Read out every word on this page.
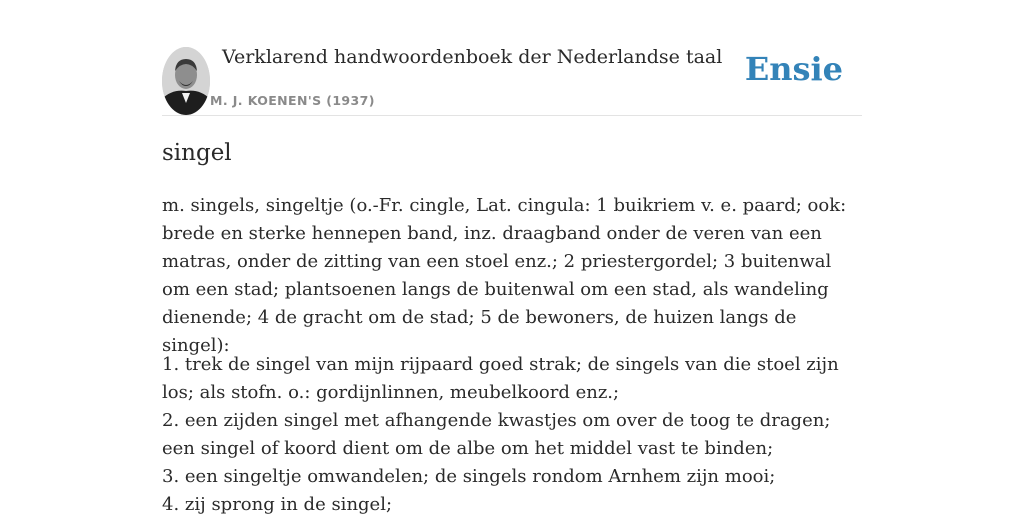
Verklarend handwoordenboek der Nederlandse taal
M. J. KOENEN'S (1937)
Ensie
singel

m. singels, singeltje (o.-Fr. cingle, Lat. cingula: 1 buikriem v. e. paard; ook: brede en sterke hennepen band, inz. draagband onder de veren van een matras, onder de zitting van een stoel enz.; 2 priestergordel; 3 buitenwal om een stad; plantsoenen langs de buitenwal om een stad, als wandeling dienende; 4 de gracht om de stad; 5 de bewoners, de huizen langs de singel):

1. trek de singel van mijn rijpaard goed strak; de singels van die stoel zijn los; als stofn. o.: gordijnlinnen, meubelkoord enz.;
2. een zijden singel met afhangende kwastjes om over de toog te dragen; een singel of koord dient om de albe om het middel vast te binden;
3. een singeltje omwandelen; de singels rondom Arnhem zijn mooi;
4. zij sprong in de singel;
